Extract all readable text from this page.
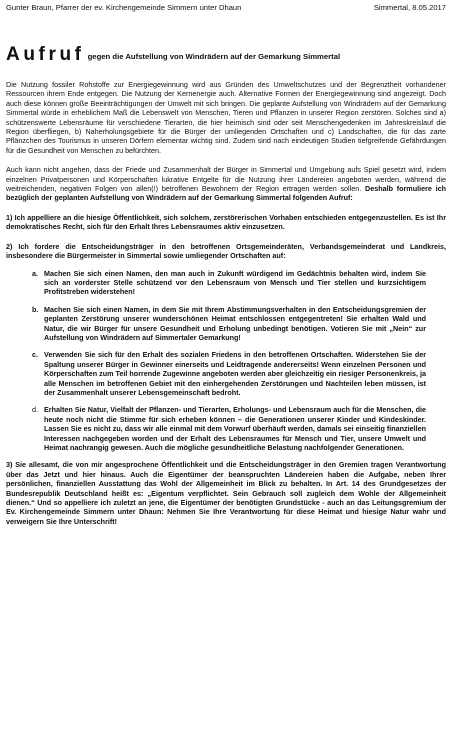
Gunter Braun, Pfarrer der ev. Kirchengemeinde Simmern unter Dhaun	Simmertal, 8.05.2017
Aufruf gegen die Aufstellung von Windrädern auf der Gemarkung Simmertal

Die Nutzung fossiler Rohstoffe zur Energiegewinnung wird aus Gründen des Umweltschutzes und der Begrenztheit vorhandener Ressourcen ihrem Ende entgegen. Die Nutzung der Kernenergie auch. Alternative Formen der Energiegewinnung sind angezeigt. Doch auch diese können große Beeinträchtigungen der Umwelt mit sich bringen. Die geplante Aufstellung von Windrädern auf der Gemarkung Simmertal würde in erheblichem Maß die Lebenswelt von Menschen, Tieren und Pflanzen in unserer Region zerstören. Solches sind a) schützenswerte Lebensräume für verschiedene Tierarten, die hier heimisch sind oder seit Menschengedenken im Jahreskreislauf die Region überfliegen, b) Naherholungsgebiete für die Bürger der umliegenden Ortschaften und c) Landschaften, die für das zarte Pflänzchen des Tourismus in unseren Dörfern elementar wichtig sind. Zudem sind nach eindeutigen Studien tiefgreifende Gefährdungen für die Gesundheit von Menschen zu befürchten.

Auch kann nicht angehen, dass der Friede und Zusammenhalt der Bürger in Simmertal und Umgebung aufs Spiel gesetzt wird, indem einzelnen Privatpersonen und Körperschaften lukrative Entgelte für die Nutzung ihrer Ländereien angeboten werden, während die weitreichenden, negativen Folgen von allen(!) betroffenen Bewohnern der Region ertragen werden sollen. Deshalb formuliere ich bezüglich der geplanten Aufstellung von Windrädern auf der Gemarkung Simmertal folgenden Aufruf:

1) Ich appelliere an die hiesige Öffentlichkeit, sich solchem, zerstörerischen Vorhaben entschieden entgegenzustellen. Es ist Ihr demokratisches Recht, sich für den Erhalt Ihres Lebensraumes aktiv einzusetzen.

2) Ich fordere die Entscheidungsträger in den betroffenen Ortsgemeinderäten, Verbandsgemeinderat und Landkreis, insbesondere die Bürgermeister in Simmertal sowie umliegender Ortschaften auf:

a. Machen Sie sich einen Namen, den man auch in Zukunft würdigend im Gedächtnis behalten wird, indem Sie sich an vorderster Stelle schützend vor den Lebensraum von Mensch und Tier stellen und kurzsichtigem Profitstreben widerstehen!

b. Machen Sie sich einen Namen, in dem Sie mit Ihrem Abstimmungsverhalten in den Entscheidungsgremien der geplanten Zerstörung unserer wunderschönen Heimat entschlossen entgegentreten! Sie erhalten Wald und Natur, die wir Bürger für unsere Gesundheit und Erholung unbedingt benötigen. Votieren Sie mit „Nein“ zur Aufstellung von Windrädern auf Simmertaler Gemarkung!

c. Verwenden Sie sich für den Erhalt des sozialen Friedens in den betroffenen Ortschaften. Widerstehen Sie der Spaltung unserer Bürger in Gewinner einerseits und Leidtragende andererseits! Wenn einzelnen Personen und Körperschaften zum Teil horrende Zugewinne angeboten werden aber gleichzeitig ein riesiger Personenkreis, ja alle Menschen im betroffenen Gebiet mit den einhergehenden Zerstörungen und Nachteilen leben müssen, ist der Zusammenhalt unserer Lebensgemeinschaft bedroht.

d. Erhalten Sie Natur, Vielfalt der Pflanzen- und Tierarten, Erholungs- und Lebensraum auch für die Menschen, die heute noch nicht die Stimme für sich erheben können – die Generationen unserer Kinder und Kindeskinder. Lassen Sie es nicht zu, dass wir alle einmal mit dem Vorwurf überhäuft werden, damals sei einseitig finanziellen Interessen nachgegeben worden und der Erhalt des Lebensraumes für Mensch und Tier, unsere Umwelt und Heimat nachrangig gewesen. Auch die mögliche gesundheitliche Belastung nachfolgender Generationen.

3) Sie allesamt, die von mir angesprochene Öffentlichkeit und die Entscheidungsträger in den Gremien tragen Verantwortung über das Jetzt und hier hinaus. Auch die Eigentümer der beanspruchten Ländereien haben die Aufgabe, neben Ihrer persönlichen, finanziellen Ausstattung das Wohl der Allgemeinheit im Blick zu behalten. In Art. 14 des Grundgesetzes der Bundesrepublik Deutschland heißt es: „Eigentum verpflichtet. Sein Gebrauch soll zugleich dem Wohle der Allgemeinheit dienen.“ Und so appelliere ich zuletzt an jene, die Eigentümer der benötigten Grundstücke - auch an das Leitungsgremium der Ev. Kirchengemeinde Simmern unter Dhaun: Nehmen Sie Ihre Verantwortung für diese Heimat und hiesige Natur wahr und verweigern Sie Ihre Unterschrift!
